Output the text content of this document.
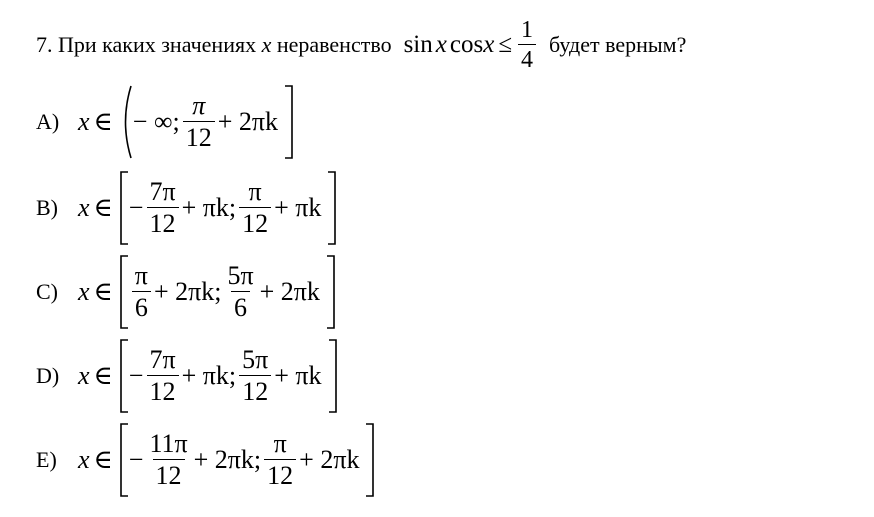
7.
При каких значениях
x
неравенство sin x $\cos x \le \frac{1}{4}$ будет верным?
A) x ∈ − ∞; $\frac{\pi}{12} + 2\pi k$
B) x ∈ − $\frac{7\pi}{12} + \pi k$; $\frac{\pi}{12} + \pi k$
C) x ∈ $\frac{\pi}{6} + 2\pi k$; $\frac{5\pi}{6} + 2\pi k$
D) x ∈ − $\frac{7\pi}{12} + \pi k$; $\frac{5\pi}{12} + \pi k$
E) x ∈ − $\frac{11\pi}{12} + 2\pi k$; $\frac{\pi}{12} + 2\pi k$
